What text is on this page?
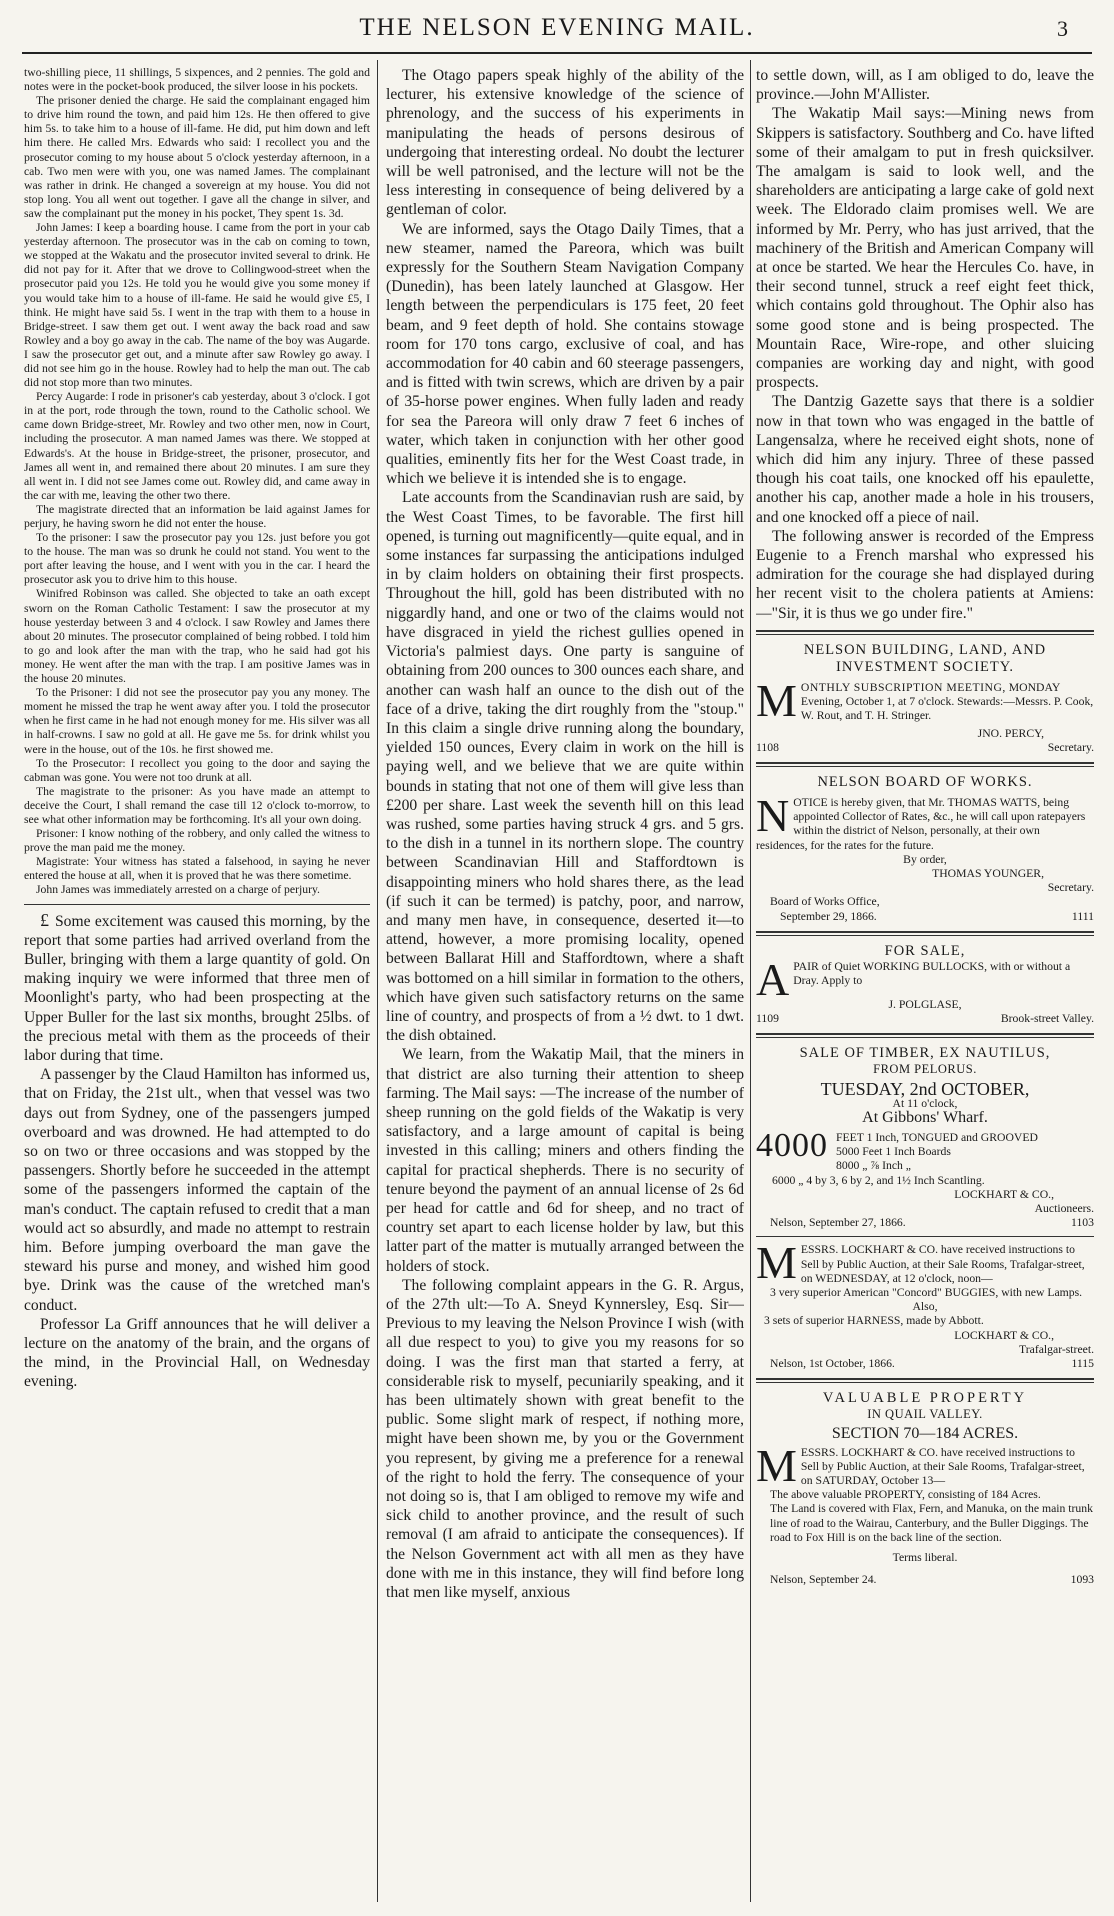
THE NELSON EVENING MAIL.	3

two-shilling piece, 11 shillings, 5 sixpences, and 2 pennies. The gold and notes were in the pocket-book produced, the silver loose in his pockets.

The prisoner denied the charge. He said the complainant engaged him to drive him round the town, and paid him 12s. He then offered to give him 5s. to take him to a house of ill-fame. He did, put him down and left him there. He called Mrs. Edwards who said: I recollect you and the prosecutor coming to my house about 5 o'clock yesterday afternoon, in a cab. Two men were with you, one was named James. The complainant was rather in drink. He changed a sovereign at my house. You did not stop long. You all went out together. I gave all the change in silver, and saw the complainant put the money in his pocket, They spent 1s. 3d.

John James: I keep a boarding house. I came from the port in your cab yesterday afternoon. The prosecutor was in the cab on coming to town, we stopped at the Wakatu and the prosecutor invited several to drink. He did not pay for it. After that we drove to Collingwood-street when the prosecutor paid you 12s. He told you he would give you some money if you would take him to a house of ill-fame. He said he would give £5, I think. He might have said 5s. I went in the trap with them to a house in Bridge-street. I saw them get out. I went away the back road and saw Rowley and a boy go away in the cab. The name of the boy was Augarde. I saw the prosecutor get out, and a minute after saw Rowley go away. I did not see him go in the house. Rowley had to help the man out. The cab did not stop more than two minutes.

Percy Augarde: I rode in prisoner's cab yesterday, about 3 o'clock. I got in at the port, rode through the town, round to the Catholic school. We came down Bridge-street, Mr. Rowley and two other men, now in Court, including the prosecutor. A man named James was there. We stopped at Edwards's. At the house in Bridge-street, the prisoner, prosecutor, and James all went in, and remained there about 20 minutes. I am sure they all went in. I did not see James come out. Rowley did, and came away in the car with me, leaving the other two there.

The magistrate directed that an information be laid against James for perjury, he having sworn he did not enter the house.

To the prisoner: I saw the prosecutor pay you 12s. just before you got to the house. The man was so drunk he could not stand. You went to the port after leaving the house, and I went with you in the car. I heard the prosecutor ask you to drive him to this house.

Winifred Robinson was called. She objected to take an oath except sworn on the Roman Catholic Testament: I saw the prosecutor at my house yesterday between 3 and 4 o'clock. I saw Rowley and James there about 20 minutes. The prosecutor complained of being robbed. I told him to go and look after the man with the trap, who he said had got his money. He went after the man with the trap. I am positive James was in the house 20 minutes.

To the Prisoner: I did not see the prosecutor pay you any money. The moment he missed the trap he went away after you. I told the prosecutor when he first came in he had not enough money for me. His silver was all in half-crowns. I saw no gold at all. He gave me 5s. for drink whilst you were in the house, out of the 10s. he first showed me.

To the Prosecutor: I recollect you going to the door and saying the cabman was gone. You were not too drunk at all.

The magistrate to the prisoner: As you have made an attempt to deceive the Court, I shall remand the case till 12 o'clock to-morrow, to see what other information may be forthcoming. It's all your own doing.

Prisoner: I know nothing of the robbery, and only called the witness to prove the man paid me the money.

Magistrate: Your witness has stated a falsehood, in saying he never entered the house at all, when it is proved that he was there sometime.

John James was immediately arrested on a charge of perjury.

£ Some excitement was caused this morning, by the report that some parties had arrived overland from the Buller, bringing with them a large quantity of gold. On making inquiry we were informed that three men of Moonlight's party, who had been prospecting at the Upper Buller for the last six months, brought 25lbs. of the precious metal with them as the proceeds of their labor during that time.

A passenger by the Claud Hamilton has informed us, that on Friday, the 21st ult., when that vessel was two days out from Sydney, one of the passengers jumped overboard and was drowned. He had attempted to do so on two or three occasions and was stopped by the passengers. Shortly before he succeeded in the attempt some of the passengers informed the captain of the man's conduct. The captain refused to credit that a man would act so absurdly, and made no attempt to restrain him. Before jumping overboard the man gave the steward his purse and money, and wished him good bye. Drink was the cause of the wretched man's conduct.

Professor La Griff announces that he will deliver a lecture on the anatomy of the brain, and the organs of the mind, in the Provincial Hall, on Wednesday evening.

The Otago papers speak highly of the ability of the lecturer, his extensive knowledge of the science of phrenology, and the success of his experiments in manipulating the heads of persons desirous of undergoing that interesting ordeal. No doubt the lecturer will be well patronised, and the lecture will not be the less interesting in consequence of being delivered by a gentleman of color.

We are informed, says the Otago Daily Times, that a new steamer, named the Pareora, which was built expressly for the Southern Steam Navigation Company (Dunedin), has been lately launched at Glasgow. Her length between the perpendiculars is 175 feet, 20 feet beam, and 9 feet depth of hold. She contains stowage room for 170 tons cargo, exclusive of coal, and has accommodation for 40 cabin and 60 steerage passengers, and is fitted with twin screws, which are driven by a pair of 35-horse power engines. When fully laden and ready for sea the Pareora will only draw 7 feet 6 inches of water, which taken in conjunction with her other good qualities, eminently fits her for the West Coast trade, in which we believe it is intended she is to engage.

Late accounts from the Scandinavian rush are said, by the West Coast Times, to be favorable. The first hill opened, is turning out magnificently—quite equal, and in some instances far surpassing the anticipations indulged in by claim holders on obtaining their first prospects. Throughout the hill, gold has been distributed with no niggardly hand, and one or two of the claims would not have disgraced in yield the richest gullies opened in Victoria's palmiest days. One party is sanguine of obtaining from 200 ounces to 300 ounces each share, and another can wash half an ounce to the dish out of the face of a drive, taking the dirt roughly from the "stoup." In this claim a single drive running along the boundary, yielded 150 ounces, Every claim in work on the hill is paying well, and we believe that we are quite within bounds in stating that not one of them will give less than £200 per share. Last week the seventh hill on this lead was rushed, some parties having struck 4 grs. and 5 grs. to the dish in a tunnel in its northern slope. The country between Scandinavian Hill and Staffordtown is disappointing miners who hold shares there, as the lead (if such it can be termed) is patchy, poor, and narrow, and many men have, in consequence, deserted it—to attend, however, a more promising locality, opened between Ballarat Hill and Staffordtown, where a shaft was bottomed on a hill similar in formation to the others, which have given such satisfactory returns on the same line of country, and prospects of from a ½ dwt. to 1 dwt. the dish obtained.

We learn, from the Wakatip Mail, that the miners in that district are also turning their attention to sheep farming. The Mail says: —The increase of the number of sheep running on the gold fields of the Wakatip is very satisfactory, and a large amount of capital is being invested in this calling; miners and others finding the capital for practical shepherds. There is no security of tenure beyond the payment of an annual license of 2s 6d per head for cattle and 6d for sheep, and no tract of country set apart to each license holder by law, but this latter part of the matter is mutually arranged between the holders of stock.

The following complaint appears in the G. R. Argus, of the 27th ult:—To A. Sneyd Kynnersley, Esq. Sir—Previous to my leaving the Nelson Province I wish (with all due respect to you) to give you my reasons for so doing. I was the first man that started a ferry, at considerable risk to myself, pecuniarily speaking, and it has been ultimately shown with great benefit to the public. Some slight mark of respect, if nothing more, might have been shown me, by you or the Government you represent, by giving me a preference for a renewal of the right to hold the ferry. The consequence of your not doing so is, that I am obliged to remove my wife and sick child to another province, and the result of such removal (I am afraid to anticipate the consequences). If the Nelson Government act with all men as they have done with me in this instance, they will find before long that men like myself, anxious

to settle down, will, as I am obliged to do, leave the province.—John M'Allister.

The Wakatip Mail says:—Mining news from Skippers is satisfactory. Southberg and Co. have lifted some of their amalgam to put in fresh quicksilver. The amalgam is said to look well, and the shareholders are anticipating a large cake of gold next week. The Eldorado claim promises well. We are informed by Mr. Perry, who has just arrived, that the machinery of the British and American Company will at once be started. We hear the Hercules Co. have, in their second tunnel, struck a reef eight feet thick, which contains gold throughout. The Ophir also has some good stone and is being prospected. The Mountain Race, Wire-rope, and other sluicing companies are working day and night, with good prospects.

The Dantzig Gazette says that there is a soldier now in that town who was engaged in the battle of Langensalza, where he received eight shots, none of which did him any injury. Three of these passed though his coat tails, one knocked off his epaulette, another his cap, another made a hole in his trousers, and one knocked off a piece of nail.

The following answer is recorded of the Empress Eugenie to a French marshal who expressed his admiration for the courage she had displayed during her recent visit to the cholera patients at Amiens:—"Sir, it is thus we go under fire."

NELSON BUILDING, LAND, AND INVESTMENT SOCIETY.
M ONTHLY SUBSCRIPTION MEETING, MONDAY Evening, October 1, at 7 o'clock. Stewards:—Messrs. P. Cook, W. Rout, and T. H. Stringer.
JNO. PERCY,
1108	Secretary.
NELSON BOARD OF WORKS.
N OTICE is hereby given, that Mr. THOMAS WATTS, being appointed Collector of Rates, &c., he will call upon ratepayers within the district of Nelson, personally, at their own residences, for the rates for the future.
By order,
THOMAS YOUNGER,
Secretary.
Board of Works Office,
September 29, 1866.	1111
FOR SALE,
A PAIR of Quiet WORKING BULLOCKS, with or without a Dray. Apply to
J. POLGLASE,
1109	Brook-street Valley.
SALE OF TIMBER, EX NAUTILUS,
FROM PELORUS.
TUESDAY, 2nd OCTOBER,
At 11 o'clock,
At Gibbons' Wharf.
4000 FEET 1 Inch, TONGUED and GROOVED
5000 Feet 1 Inch Boards
8000 „ ⅞ Inch „
6000 „ 4 by 3, 6 by 2, and 1½ Inch Scantling.
LOCKHART & CO.,
Auctioneers.
Nelson, September 27, 1866.	1103
M ESSRS. LOCKHART & CO. have received instructions to Sell by Public Auction, at their Sale Rooms, Trafalgar-street, on WEDNESDAY, at 12 o'clock, noon—
3 very superior American "Concord" BUGGIES, with new Lamps.
Also,
3 sets of superior HARNESS, made by Abbott.
LOCKHART & CO.,
Trafalgar-street.
Nelson, 1st October, 1866.	1115
VALUABLE PROPERTY
IN QUAIL VALLEY.
SECTION 70—184 ACRES.
M ESSRS. LOCKHART & CO. have received instructions to Sell by Public Auction, at their Sale Rooms, Trafalgar-street, on SATURDAY, October 13—
The above valuable PROPERTY, consisting of 184 Acres.
The Land is covered with Flax, Fern, and Manuka, on the main trunk line of road to the Wairau, Canterbury, and the Buller Diggings. The road to Fox Hill is on the back line of the section.
Terms liberal.
Nelson, September 24.	1093
